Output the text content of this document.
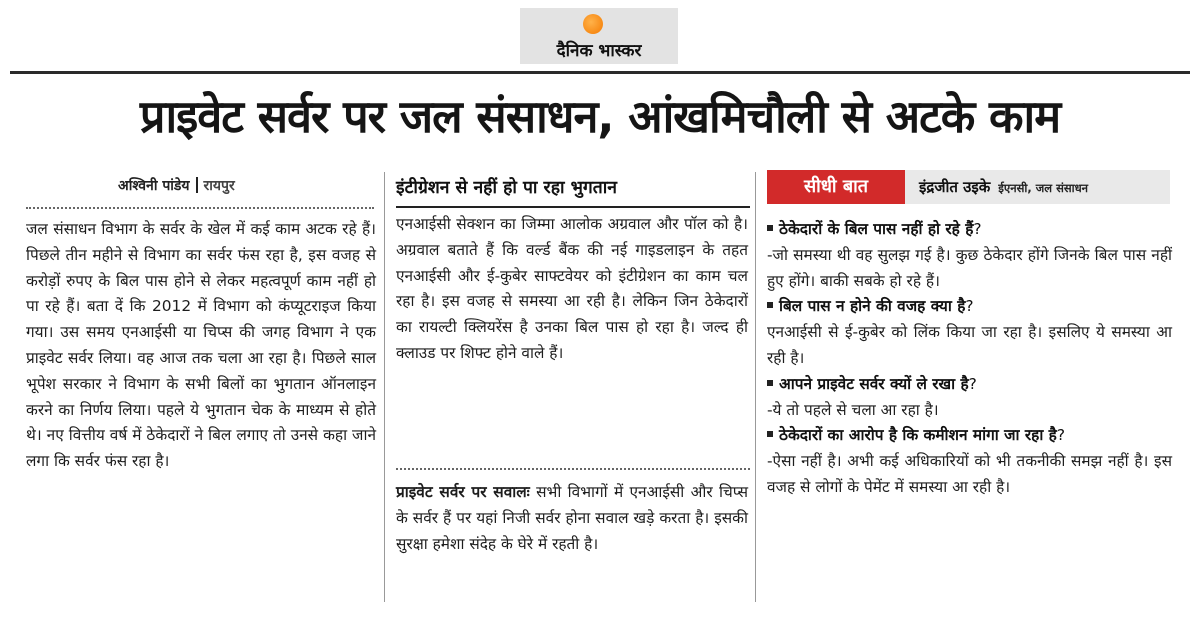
दैनिक भास्कर
प्राइवेट सर्वर पर जल संसाधन, आंखमिचौली से अटके काम
अश्विनी पांडेय रायपुर
जल संसाधन विभाग के सर्वर के खेल में कई काम अटक रहे हैं। पिछले तीन महीने से विभाग का सर्वर फंस रहा है, इस वजह से करोड़ों रुपए के बिल पास होने से लेकर महत्वपूर्ण काम नहीं हो पा रहे हैं। बता दें कि 2012 में विभाग को कंप्यूटराइज किया गया। उस समय एनआईसी या चिप्स की जगह विभाग ने एक प्राइवेट सर्वर लिया। वह आज तक चला आ रहा है। पिछले साल भूपेश सरकार ने विभाग के सभी बिलों का भुगतान ऑनलाइन करने का निर्णय लिया। पहले ये भुगतान चेक के माध्यम से होते थे। नए वित्तीय वर्ष में ठेकेदारों ने बिल लगाए तो उनसे कहा जाने लगा कि सर्वर फंस रहा है।
इंटीग्रेशन से नहीं हो पा रहा भुगतान
एनआईसी सेक्शन का जिम्मा आलोक अग्रवाल और पॉल को है। अग्रवाल बताते हैं कि वर्ल्ड बैंक की नई गाइडलाइन के तहत एनआईसी और ई-कुबेर साफ्टवेयर को इंटीग्रेशन का काम चल रहा है। इस वजह से समस्या आ रही है। लेकिन जिन ठेकेदारों का रायल्टी क्लियरेंस है उनका बिल पास हो रहा है। जल्द ही क्लाउड पर शिफ्ट होने वाले हैं।
प्राइवेट सर्वर पर सवालः सभी विभागों में एनआईसी और चिप्स के सर्वर हैं पर यहां निजी सर्वर होना सवाल खड़े करता है। इसकी सुरक्षा हमेशा संदेह के घेरे में रहती है।
सीधी बात	इंद्रजीत उइके ईएनसी, जल संसाधन
ठेकेदारों के बिल पास नहीं हो रहे हैं?
-जो समस्या थी वह सुलझ गई है। कुछ ठेकेदार होंगे जिनके बिल पास नहीं हुए होंगे। बाकी सबके हो रहे हैं।
बिल पास न होने की वजह क्या है?
एनआईसी से ई-कुबेर को लिंक किया जा रहा है। इसलिए ये समस्या आ रही है।
आपने प्राइवेट सर्वर क्यों ले रखा है?
-ये तो पहले से चला आ रहा है।
ठेकेदारों का आरोप है कि कमीशन मांगा जा रहा है?
-ऐसा नहीं है। अभी कई अधिकारियों को भी तकनीकी समझ नहीं है। इस वजह से लोगों के पेमेंट में समस्या आ रही है।
